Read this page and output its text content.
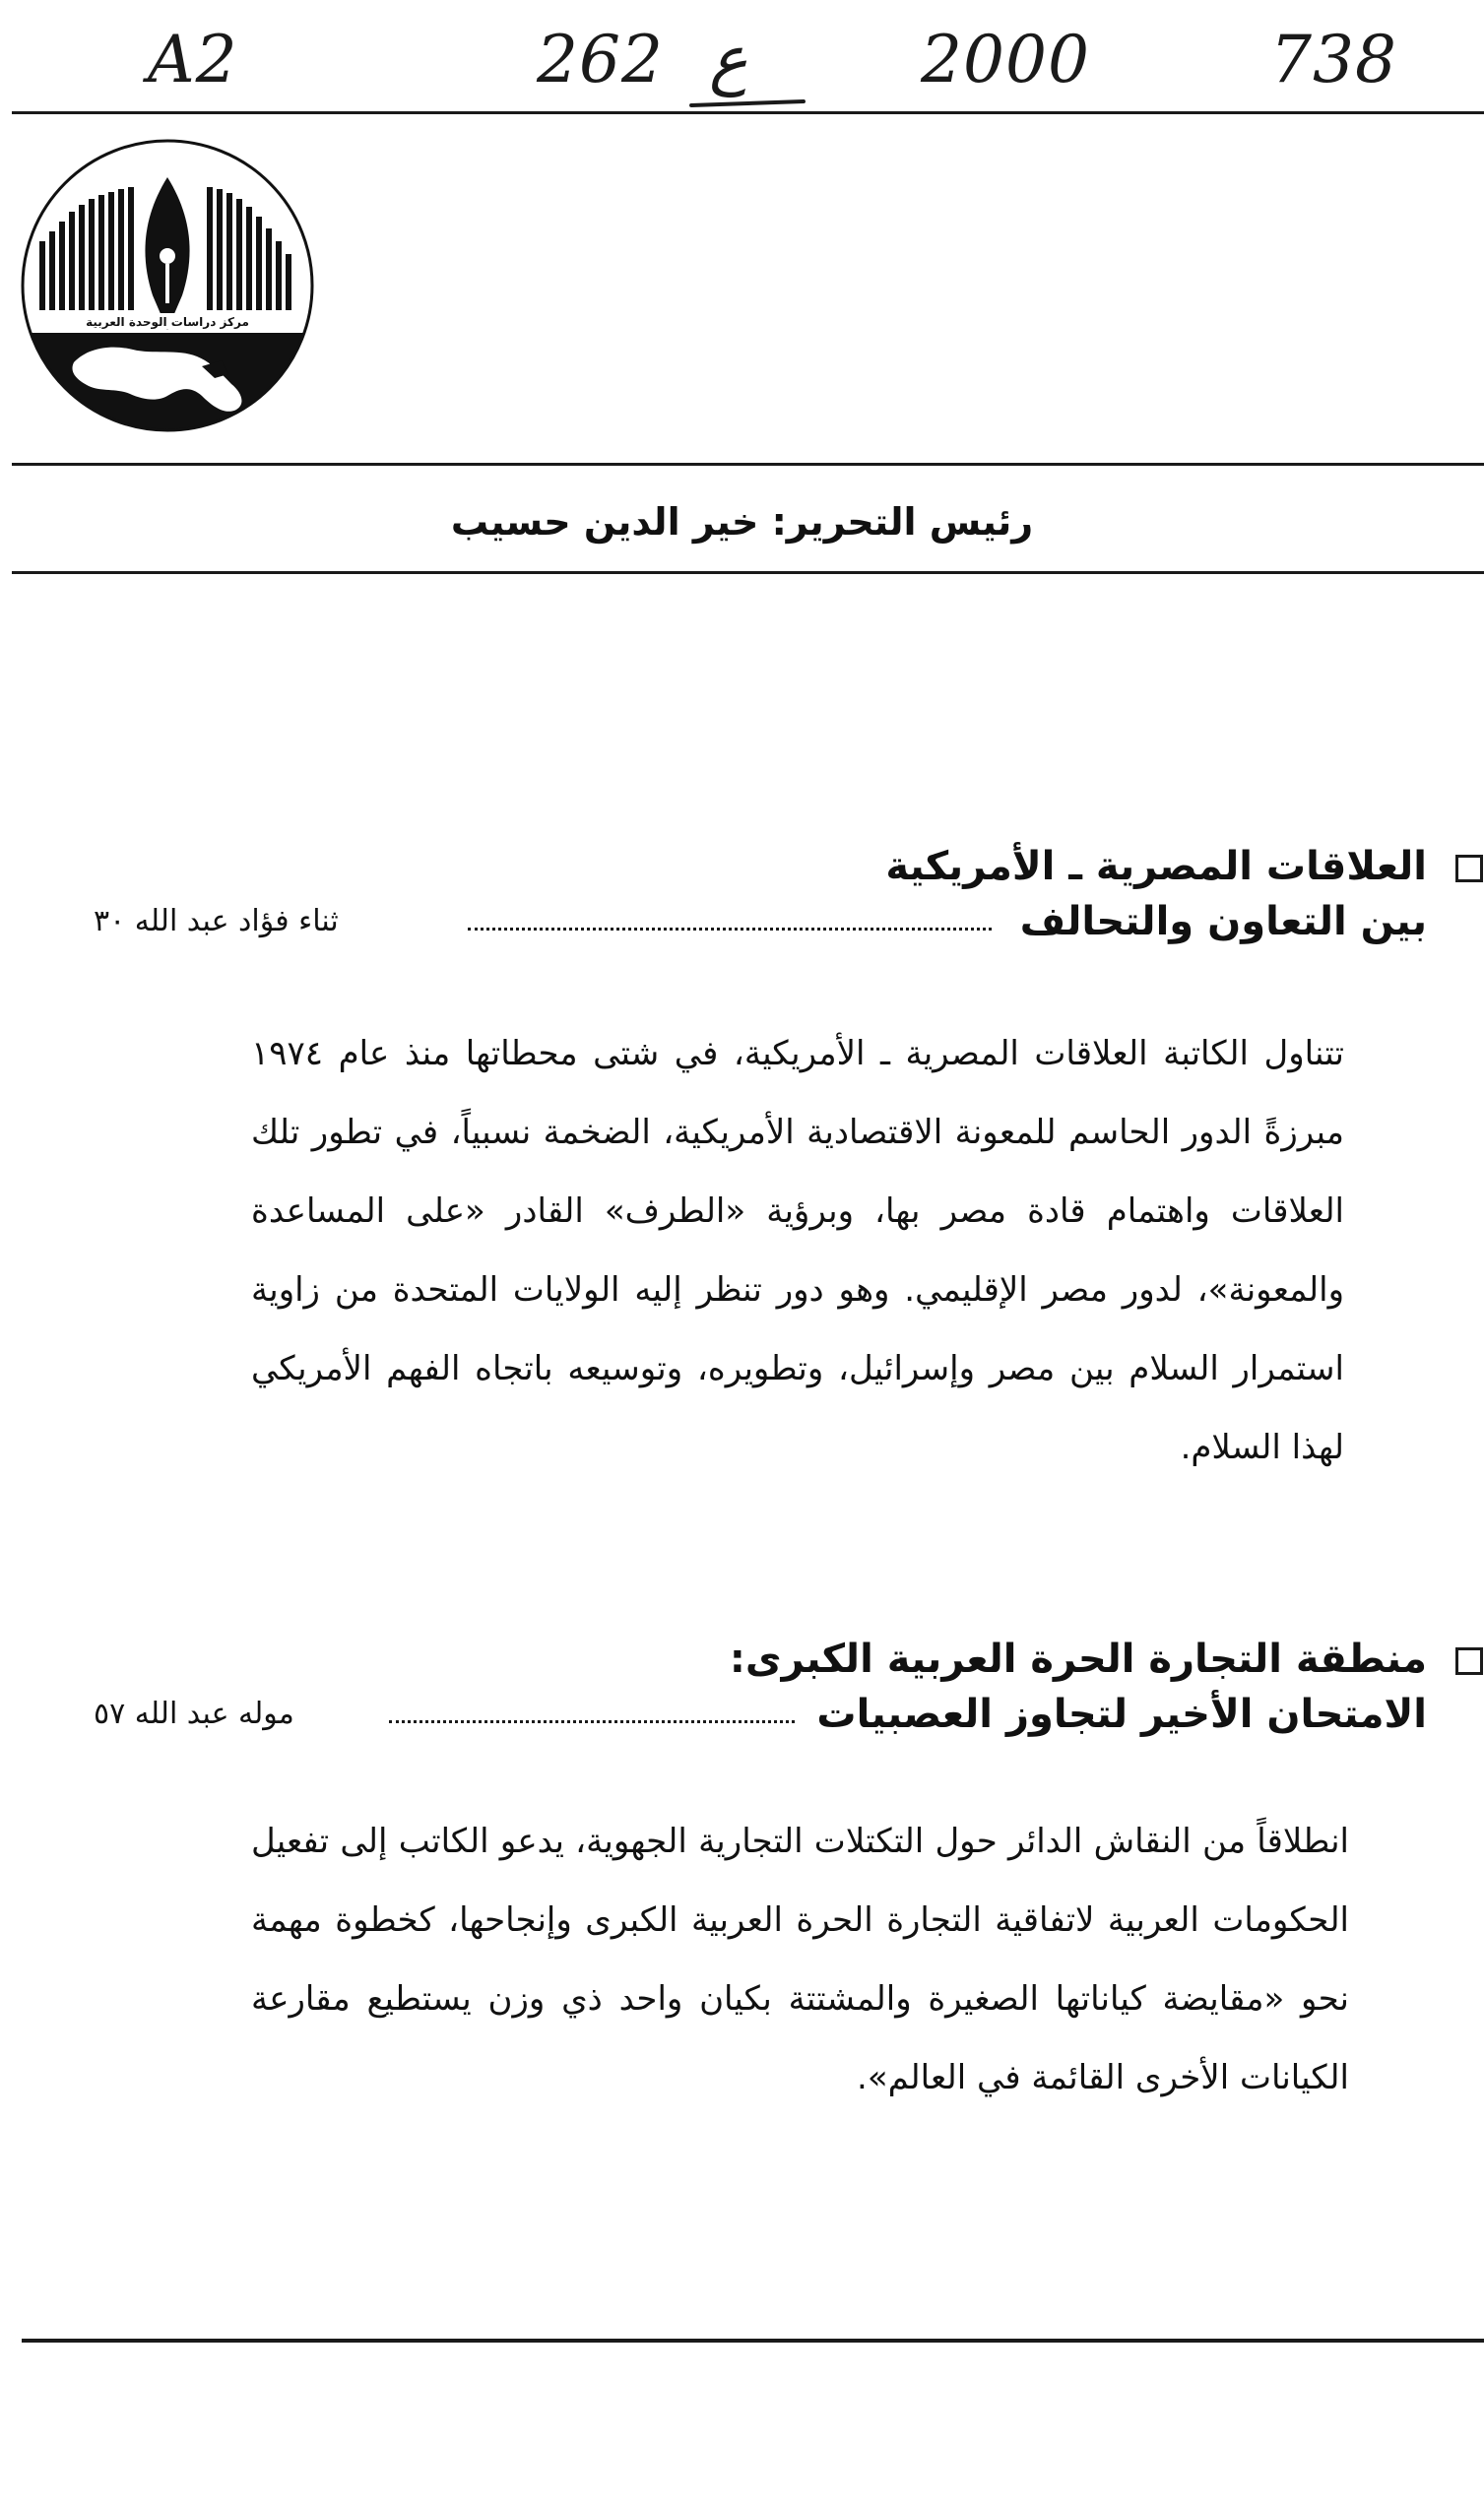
A2	262 ع	2000	738
مركز دراسات الوحدة العربية
رئيس التحرير: خير الدين حسيب
العلاقات المصرية ـ الأمريكية
بين التعاون والتحالف
ثناء فؤاد عبد الله ٣٠
تتناول الكاتبة العلاقات المصرية ـ الأمريكية، في شتى محطاتها منذ عام ١٩٧٤ مبرزةً الدور الحاسم للمعونة الاقتصادية الأمريكية، الضخمة نسبياً، في تطور تلك العلاقات واهتمام قادة مصر بها، وبرؤية «الطرف» القادر «على المساعدة والمعونة»، لدور مصر الإقليمي. وهو دور تنظر إليه الولايات المتحدة من زاوية استمرار السلام بين مصر وإسرائيل، وتطويره، وتوسيعه باتجاه الفهم الأمريكي لهذا السلام.
منطقة التجارة الحرة العربية الكبرى:
الامتحان الأخير لتجاوز العصبيات
موله عبد الله ٥٧
انطلاقاً من النقاش الدائر حول التكتلات التجارية الجهوية، يدعو الكاتب إلى تفعيل الحكومات العربية لاتفاقية التجارة الحرة العربية الكبرى وإنجاحها، كخطوة مهمة نحو «مقايضة كياناتها الصغيرة والمشتتة بكيان واحد ذي وزن يستطيع مقارعة الكيانات الأخرى القائمة في العالم».
